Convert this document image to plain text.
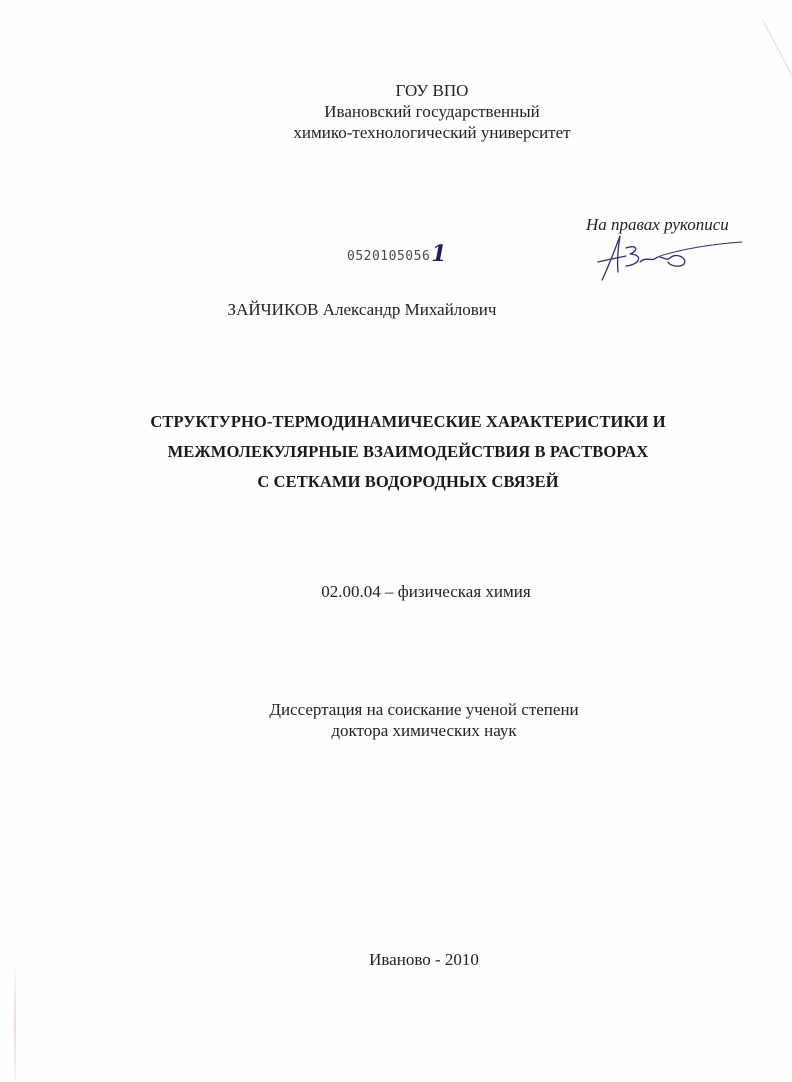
ГОУ ВПО
Ивановский государственный
химико-технологический университет
На правах рукописи
05201050561
ЗАЙЧИКОВ Александр Михайлович
СТРУКТУРНО-ТЕРМОДИНАМИЧЕСКИЕ ХАРАКТЕРИСТИКИ И
МЕЖМОЛЕКУЛЯРНЫЕ ВЗАИМОДЕЙСТВИЯ В РАСТВОРАХ
С СЕТКАМИ ВОДОРОДНЫХ СВЯЗЕЙ
02.00.04 – физическая химия
Диссертация на соискание ученой степени
доктора химических наук
Иваново - 2010
